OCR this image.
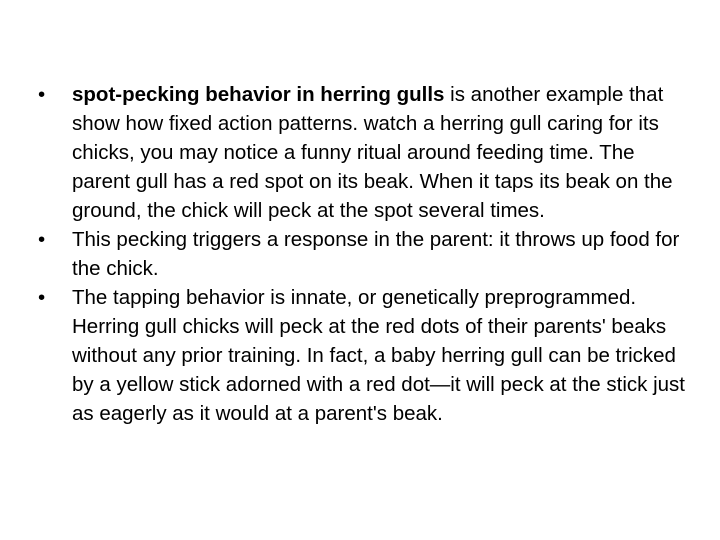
•	spot-pecking behavior in herring gulls is another example that show how fixed action patterns. watch a herring gull caring for its chicks, you may notice a funny ritual around feeding time. The parent gull has a red spot on its beak. When it taps its beak on the ground, the chick will peck at the spot several times.
•	This pecking triggers a response in the parent: it throws up food for the chick.
•	The tapping behavior is innate, or genetically preprogrammed. Herring gull chicks will peck at the red dots of their parents' beaks without any prior training. In fact, a baby herring gull can be tricked by a yellow stick adorned with a red dot—it will peck at the stick just as eagerly as it would at a parent's beak.
